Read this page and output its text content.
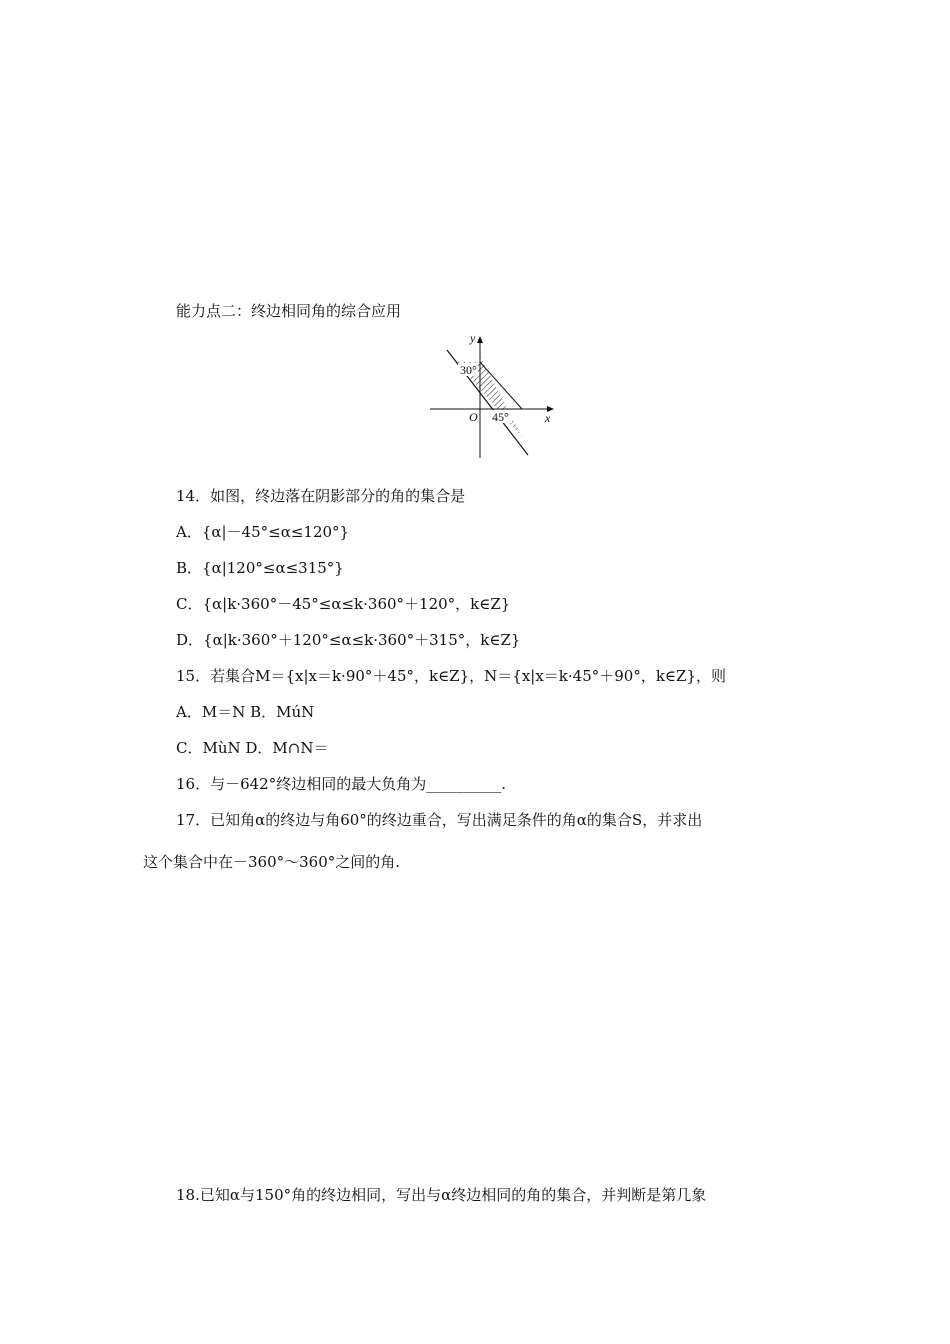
能力点二：终边相同角的综合应用
y
x
O
30°
45°
14．如图，终边落在阴影部分的角的集合是
A．{α|－45°≤α≤120°}
B．{α|120°≤α≤315°}
C．{α|k·360°－45°≤α≤k·360°＋120°，k∈Z}
D．{α|k·360°＋120°≤α≤k·360°＋315°，k∈Z}
15．若集合M＝{x|x＝k·90°＋45°，k∈Z}，N＝{x|x＝k·45°＋90°，k∈Z}，则
A．M＝N B．MúN
C．MùN D．M∩N＝
16．与－642°终边相同的最大负角为__________.
17．已知角α的终边与角60°的终边重合，写出满足条件的角α的集合S，并求出
这个集合中在－360°～360°之间的角.
18.已知α与150°角的终边相同，写出与α终边相同的角的集合，并判断是第几象
